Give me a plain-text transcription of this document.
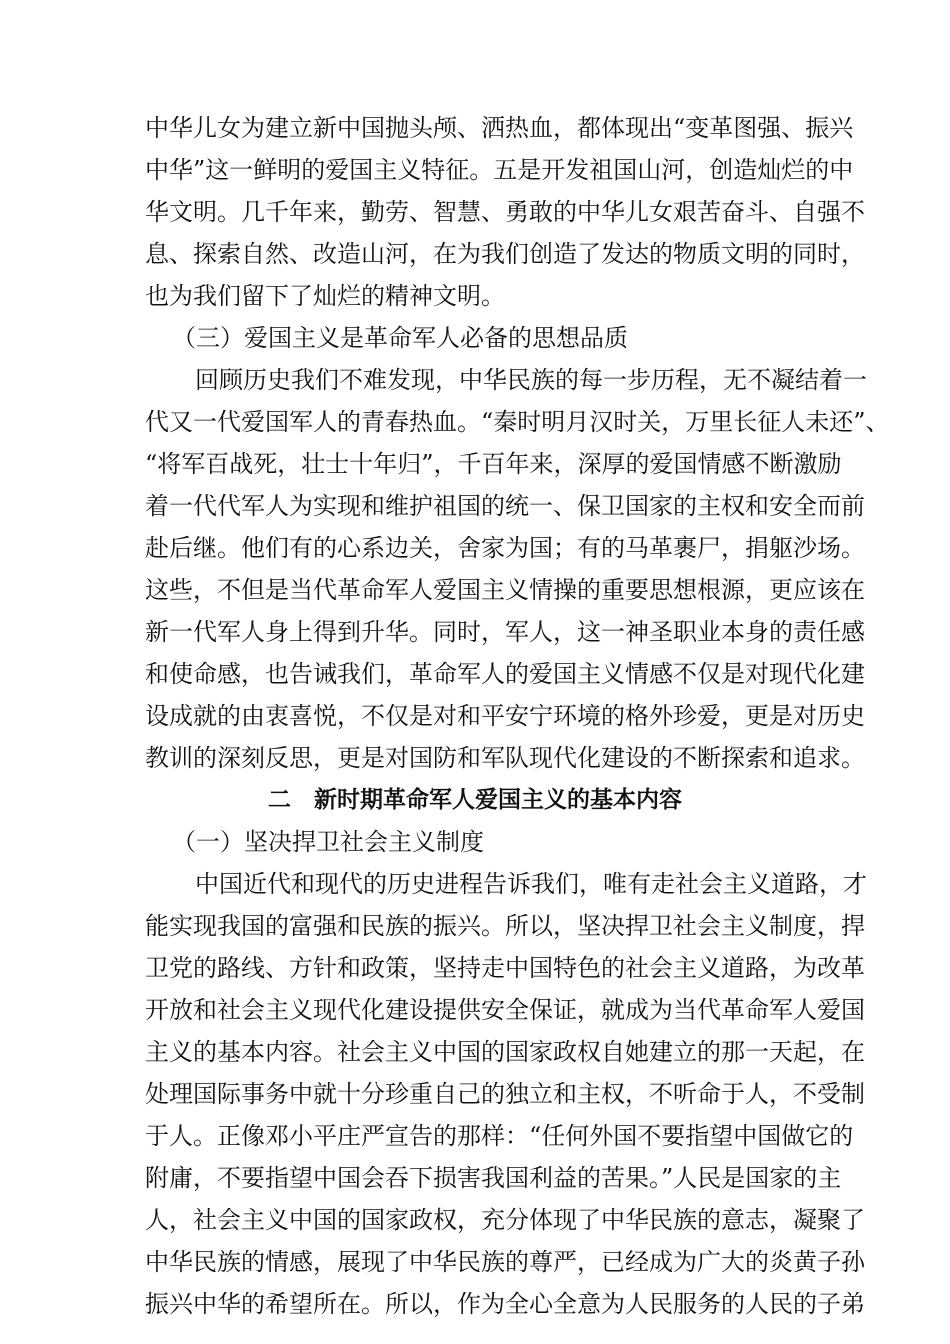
中华儿女为建立新中国抛头颅、洒热血，都体现出“变革图强、振兴
中华”这一鲜明的爱国主义特征。五是开发祖国山河，创造灿烂的中
华文明。几千年来，勤劳、智慧、勇敢的中华儿女艰苦奋斗、自强不
息、探索自然、改造山河，在为我们创造了发达的物质文明的同时，
也为我们留下了灿烂的精神文明。
（三）爱国主义是革命军人必备的思想品质
回顾历史我们不难发现，中华民族的每一步历程，无不凝结着一
代又一代爱国军人的青春热血。“秦时明月汉时关，万里长征人未还”、
“将军百战死，壮士十年归”，千百年来，深厚的爱国情感不断激励
着一代代军人为实现和维护祖国的统一、保卫国家的主权和安全而前
赴后继。他们有的心系边关，舍家为国；有的马革裹尸，捐躯沙场。
这些，不但是当代革命军人爱国主义情操的重要思想根源，更应该在
新一代军人身上得到升华。同时，军人，这一神圣职业本身的责任感
和使命感，也告诫我们，革命军人的爱国主义情感不仅是对现代化建
设成就的由衷喜悦，不仅是对和平安宁环境的格外珍爱，更是对历史
教训的深刻反思，更是对国防和军队现代化建设的不断探索和追求。
二　新时期革命军人爱国主义的基本内容
（一）坚决捍卫社会主义制度
中国近代和现代的历史进程告诉我们，唯有走社会主义道路，才
能实现我国的富强和民族的振兴。所以，坚决捍卫社会主义制度，捍
卫党的路线、方针和政策，坚持走中国特色的社会主义道路，为改革
开放和社会主义现代化建设提供安全保证，就成为当代革命军人爱国
主义的基本内容。社会主义中国的国家政权自她建立的那一天起，在
处理国际事务中就十分珍重自己的独立和主权，不听命于人，不受制
于人。正像邓小平庄严宣告的那样：“任何外国不要指望中国做它的
附庸，不要指望中国会吞下损害我国利益的苦果。”人民是国家的主
人，社会主义中国的国家政权，充分体现了中华民族的意志，凝聚了
中华民族的情感，展现了中华民族的尊严，已经成为广大的炎黄子孙
振兴中华的希望所在。所以，作为全心全意为人民服务的人民的子弟
